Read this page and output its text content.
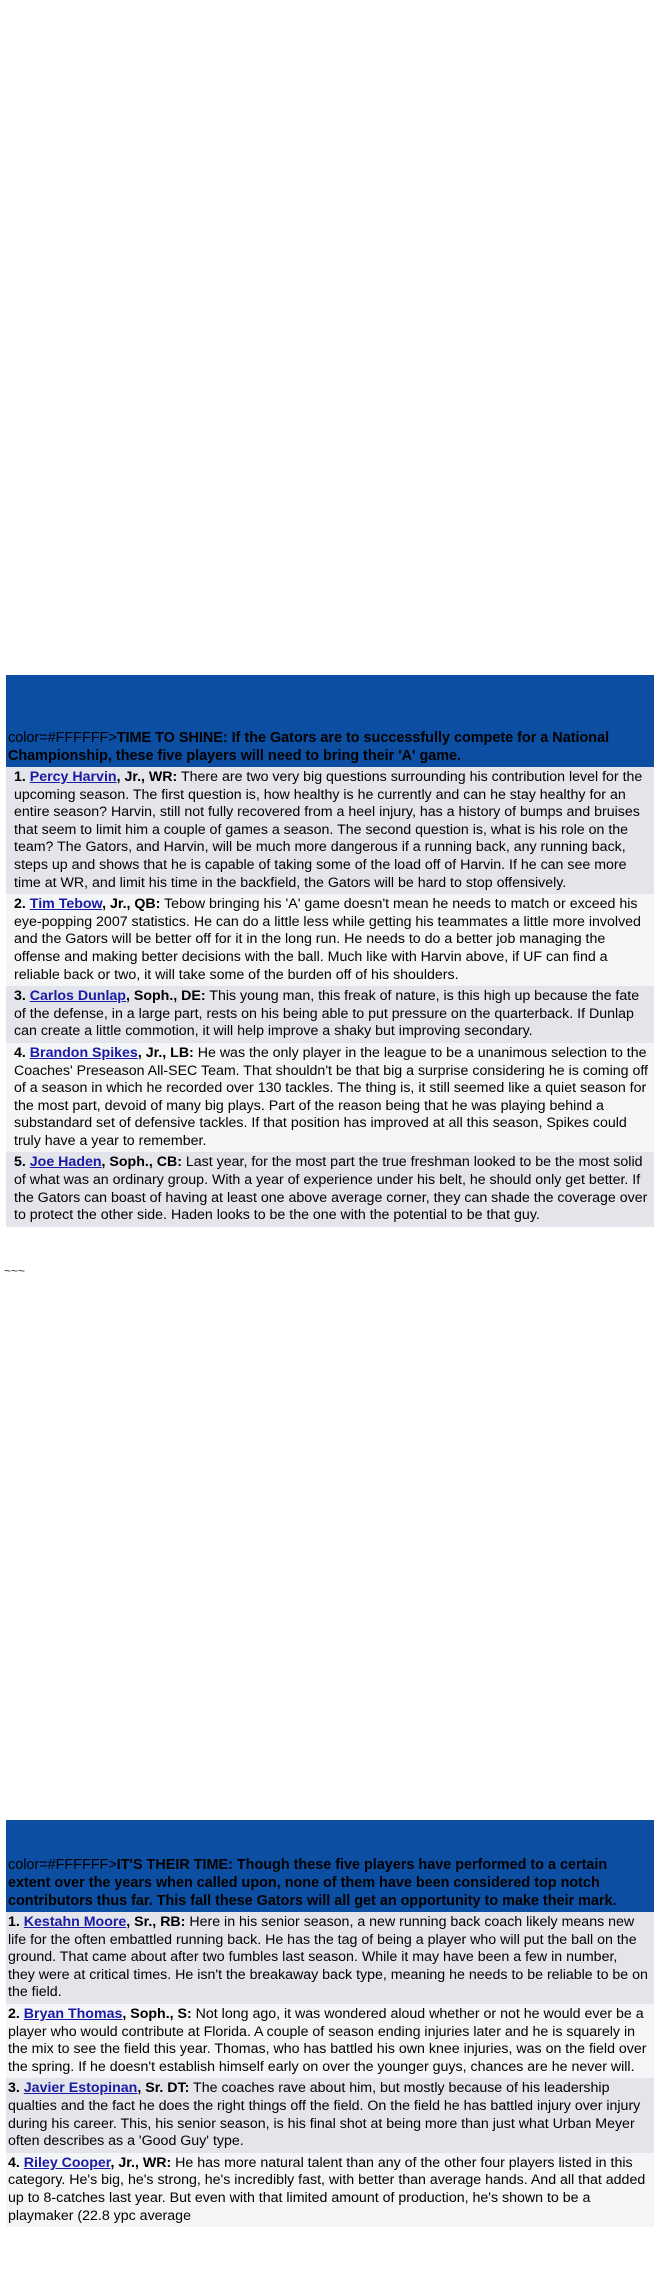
color=#FFFFFF>TIME TO SHINE: If the Gators are to successfully compete for a National Championship, these five players will need to bring their 'A' game.
1. Percy Harvin, Jr., WR: There are two very big questions surrounding his contribution level for the upcoming season. The first question is, how healthy is he currently and can he stay healthy for an entire season? Harvin, still not fully recovered from a heel injury, has a history of bumps and bruises that seem to limit him a couple of games a season. The second question is, what is his role on the team? The Gators, and Harvin, will be much more dangerous if a running back, any running back, steps up and shows that he is capable of taking some of the load off of Harvin. If he can see more time at WR, and limit his time in the backfield, the Gators will be hard to stop offensively.
2. Tim Tebow, Jr., QB: Tebow bringing his 'A' game doesn't mean he needs to match or exceed his eye-popping 2007 statistics. He can do a little less while getting his teammates a little more involved and the Gators will be better off for it in the long run. He needs to do a better job managing the offense and making better decisions with the ball. Much like with Harvin above, if UF can find a reliable back or two, it will take some of the burden off of his shoulders.
3. Carlos Dunlap, Soph., DE: This young man, this freak of nature, is this high up because the fate of the defense, in a large part, rests on his being able to put pressure on the quarterback. If Dunlap can create a little commotion, it will help improve a shaky but improving secondary.
4. Brandon Spikes, Jr., LB: He was the only player in the league to be a unanimous selection to the Coaches' Preseason All-SEC Team. That shouldn't be that big a surprise considering he is coming off of a season in which he recorded over 130 tackles. The thing is, it still seemed like a quiet season for the most part, devoid of many big plays. Part of the reason being that he was playing behind a substandard set of defensive tackles. If that position has improved at all this season, Spikes could truly have a year to remember.
5. Joe Haden, Soph., CB: Last year, for the most part the true freshman looked to be the most solid of what was an ordinary group. With a year of experience under his belt, he should only get better. If the Gators can boast of having at least one above average corner, they can shade the coverage over to protect the other side. Haden looks to be the one with the potential to be that guy.
~~~
color=#FFFFFF>IT'S THEIR TIME: Though these five players have performed to a certain extent over the years when called upon, none of them have been considered top notch contributors thus far. This fall these Gators will all get an opportunity to make their mark.
1. Kestahn Moore, Sr., RB: Here in his senior season, a new running back coach likely means new life for the often embattled running back. He has the tag of being a player who will put the ball on the ground. That came about after two fumbles last season. While it may have been a few in number, they were at critical times. He isn't the breakaway back type, meaning he needs to be reliable to be on the field.
2. Bryan Thomas, Soph., S: Not long ago, it was wondered aloud whether or not he would ever be a player who would contribute at Florida. A couple of season ending injuries later and he is squarely in the mix to see the field this year. Thomas, who has battled his own knee injuries, was on the field over the spring. If he doesn't establish himself early on over the younger guys, chances are he never will.
3. Javier Estopinan, Sr. DT: The coaches rave about him, but mostly because of his leadership qualties and the fact he does the right things off the field. On the field he has battled injury over injury during his career. This, his senior season, is his final shot at being more than just what Urban Meyer often describes as a 'Good Guy' type.
4. Riley Cooper, Jr., WR: He has more natural talent than any of the other four players listed in this category. He's big, he's strong, he's incredibly fast, with better than average hands. And all that added up to 8-catches last year. But even with that limited amount of production, he's shown to be a playmaker (22.8 ypc average
